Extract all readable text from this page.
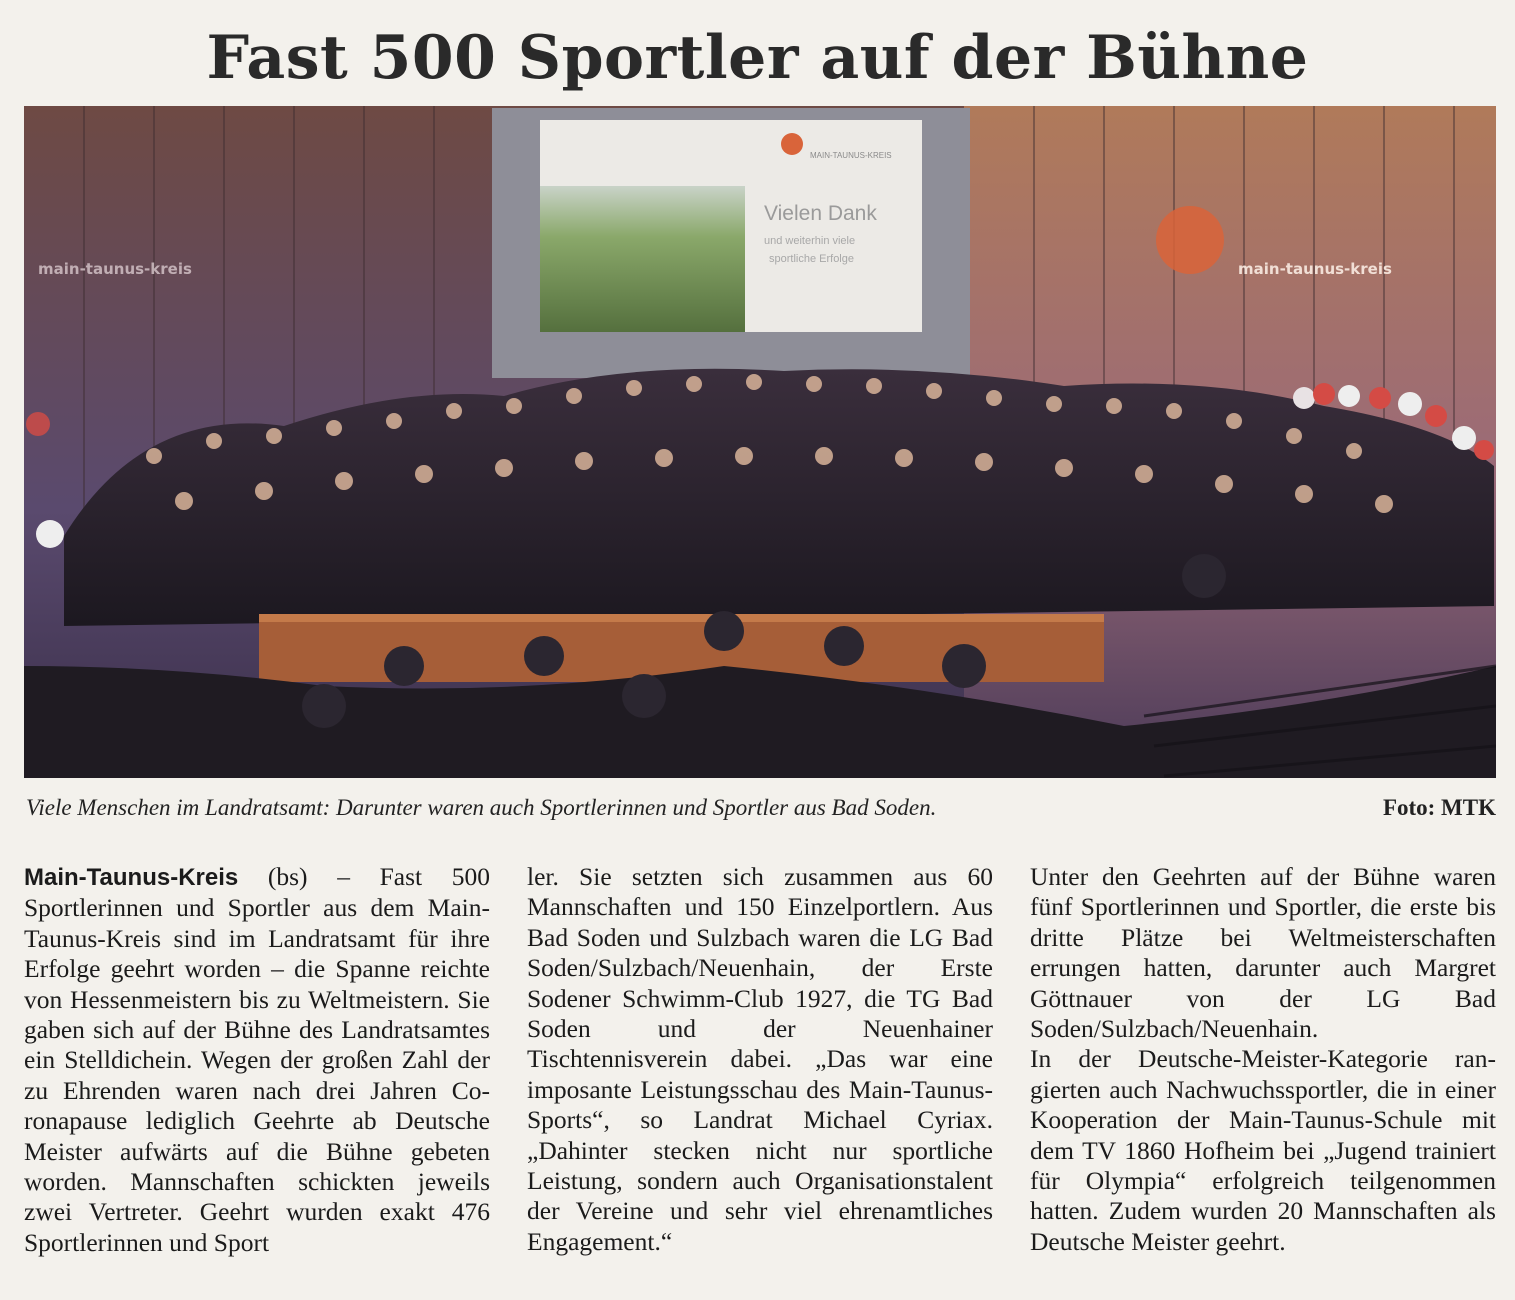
Fast 500 Sportler auf der Bühne
MAIN-TAUNUS-KREIS
Vielen Dank
und weiterhin viele
sportliche Erfolge
main-taunus-kreis	main-taunus-kreis
Viele Menschen im Landratsamt: Darunter waren auch Sportlerinnen und Sportler aus Bad Soden.	Foto: MTK

Main-Taunus-Kreis (bs) – Fast 500 Sportlerinnen und Sportler aus dem Main-Taunus-Kreis sind im Landratsamt für ihre Erfolge geehrt worden – die Spanne reichte von Hessenmeistern bis zu Weltmeistern. Sie gaben sich auf der Bühne des Landratsamtes ein Stelldichein. Wegen der großen Zahl der zu Ehrenden waren nach drei Jahren Coronapause lediglich Geehrte ab Deutsche Meister aufwärts auf die Bühne gebeten worden. Mannschaften schickten jeweils zwei Vertreter. Geehrt wurden exakt 476 Sportlerinnen und Sport

ler. Sie setzten sich zusammen aus 60 Mannschaften und 150 Einzelportlern. Aus Bad Soden und Sulzbach waren die LG Bad Soden/Sulzbach/Neuenhain, der Erste Sodener Schwimm-Club 1927, die TG Bad Soden und der Neuenhainer Tischtennisverein dabei. „Das war eine imposante Leistungsschau des Main-Taunus-Sports“, so Landrat Michael Cyriax. „Dahinter stecken nicht nur sportliche Leistung, sondern auch Organisationstalent der Vereine und sehr viel ehrenamtliches Engagement.“

Unter den Geehrten auf der Bühne waren fünf Sportlerinnen und Sportler, die erste bis dritte Plätze bei Weltmeisterschaften errungen hatten, darunter auch Margret Göttnauer von der LG Bad Soden/Sulzbach/Neuenhain.

In der Deutsche-Meister-Kategorie rangierten auch Nachwuchssportler, die in einer Kooperation der Main-Taunus-Schule mit dem TV 1860 Hofheim bei „Jugend trainiert für Olympia“ erfolgreich teilgenommen hatten. Zudem wurden 20 Mannschaften als Deutsche Meister geehrt.
